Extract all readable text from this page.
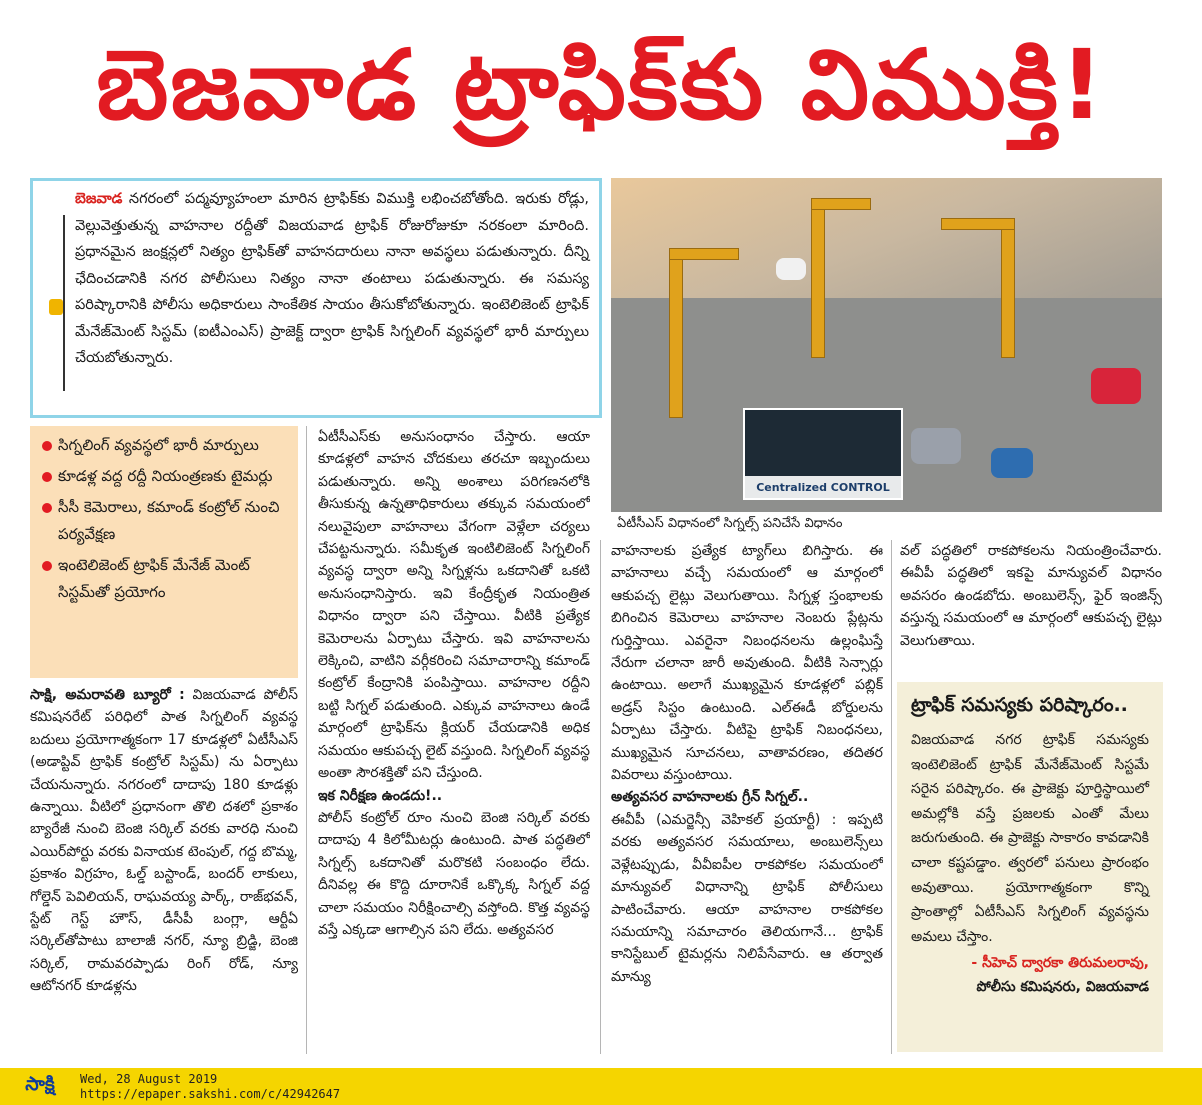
బెజవాడ ట్రాఫిక్‌కు విముక్తి!
బెజవాడ నగరంలో పద్మవ్యూహంలా మారిన ట్రాఫిక్‌కు విముక్తి లభించబోతోంది. ఇరుకు రోడ్లు, వెల్లువెత్తుతున్న వాహనాల రద్దీతో విజయవాడ ట్రాఫిక్ రోజురోజుకూ నరకంలా మారింది. ప్రధానమైన జంక్షన్లలో నిత్యం ట్రాఫిక్‌తో వాహనదారులు నానా అవస్థలు పడుతున్నారు. దీన్ని ఛేదించడానికి నగర పోలీసులు నిత్యం నానా తంటాలు పడుతున్నారు. ఈ సమస్య పరిష్కారానికి పోలీసు అధికారులు సాంకేతిక సాయం తీసుకోబోతున్నారు. ఇంటెలిజెంట్ ట్రాఫిక్ మేనేజ్‌మెంట్ సిస్టమ్ (ఐటీఎంఎస్) ప్రాజెక్ట్ ద్వారా ట్రాఫిక్ సిగ్నలింగ్ వ్యవస్థలో భారీ మార్పులు చేయబోతున్నారు.
Centralized CONTROL
ఏటీసీఎస్ విధానంలో సిగ్నల్స్ పనిచేసే విధానం
సిగ్నలింగ్ వ్యవస్థలో భారీ మార్పులు
కూడళ్ల వద్ద రద్దీ నియంత్రణకు టైమర్లు
సీసీ కెమెరాలు, కమాండ్ కంట్రోల్ నుంచి పర్యవేక్షణ
ఇంటెలిజెంట్ ట్రాఫిక్ మేనేజ్ మెంట్ సిస్టమ్‌తో ప్రయోగం

సాక్షి, అమరావతి బ్యూరో : విజయవాడ పోలీస్ కమిషనరేట్ పరిధిలో పాత సిగ్నలింగ్ వ్యవస్థ బదులు ప్రయోగాత్మకంగా 17 కూడళ్లలో ఏటీసీఎస్ (అడాప్టివ్ ట్రాఫిక్ కంట్రోల్ సిస్టమ్) ను ఏర్పాటు చేయనున్నారు. నగరంలో దాదాపు 180 కూడళ్లు ఉన్నాయి. వీటిలో ప్రధానంగా తొలి దశలో ప్రకాశం బ్యారేజీ నుంచి బెంజి సర్కిల్ వరకు వారధి నుంచి ఎయిర్‌పోర్టు వరకు వినాయక టెంపుల్, గద్ద బొమ్మ, ప్రకాశం విగ్రహం, ఓల్డ్ బస్టాండ్, బందర్ లాకులు, గోల్డెన్ పెవిలియన్, రాఘవయ్య పార్క్, రాజ్‌భవన్, స్టేట్ గెస్ట్ హౌస్, డీసీపీ బంగ్లా, ఆర్టీఏ సర్కిల్‌తోపాటు బాలాజీ నగర్, న్యూ బ్రిడ్జి, బెంజి సర్కిల్, రామవరప్పాడు రింగ్ రోడ్, న్యూ ఆటోనగర్ కూడళ్లను

ఏటీసీఎస్‌కు అనుసంధానం చేస్తారు. ఆయా కూడళ్లలో వాహన చోదకులు తరచూ ఇబ్బందులు పడుతున్నారు. అన్ని అంశాలు పరిగణనలోకి తీసుకున్న ఉన్నతాధికారులు తక్కువ సమయంలో నలువైపులా వాహనాలు వేగంగా వెళ్లేలా చర్యలు చేపట్టనున్నారు. సమీకృత ఇంటిలిజెంట్ సిగ్నలింగ్ వ్యవస్థ ద్వారా అన్ని సిగ్నళ్లను ఒకదానితో ఒకటి అనుసంధానిస్తారు. ఇవి కేంద్రీకృత నియంత్రిత విధానం ద్వారా పని చేస్తాయి. వీటికి ప్రత్యేక కెమెరాలను ఏర్పాటు చేస్తారు. ఇవి వాహనాలను లెక్కించి, వాటిని వర్గీకరించి సమాచారాన్ని కమాండ్ కంట్రోల్ కేంద్రానికి పంపిస్తాయి. వాహనాల రద్దీని బట్టి సిగ్నల్ పడుతుంది. ఎక్కువ వాహనాలు ఉండే మార్గంలో ట్రాఫిక్‌ను క్లియర్ చేయడానికి అధిక సమయం ఆకుపచ్చ లైట్ వస్తుంది. సిగ్నలింగ్ వ్యవస్థ అంతా సౌరశక్తితో పని చేస్తుంది.

ఇక నిరీక్షణ ఉండదు!..

పోలీస్ కంట్రోల్ రూం నుంచి బెంజి సర్కిల్ వరకు దాదాపు 4 కిలోమీటర్లు ఉంటుంది. పాత పద్ధతిలో సిగ్నల్స్ ఒకదానితో మరొకటి సంబంధం లేదు. దీనివల్ల ఈ కొద్ది దూరానికే ఒక్కొక్క సిగ్నల్ వద్ద చాలా సమయం నిరీక్షించాల్సి వస్తోంది. కొత్త వ్యవస్థ వస్తే ఎక్కడా ఆగాల్సిన పని లేదు. అత్యవసర

వాహనాలకు ప్రత్యేక ట్యాగ్‌లు బిగిస్తారు. ఈ వాహనాలు వచ్చే సమయంలో ఆ మార్గంలో ఆకుపచ్చ లైట్లు వెలుగుతాయి. సిగ్నళ్ల స్తంభాలకు బిగించిన కెమెరాలు వాహనాల నెంబరు ప్లేట్లను గుర్తిస్తాయి. ఎవరైనా నిబంధనలను ఉల్లంఘిస్తే నేరుగా చలానా జారీ అవుతుంది. వీటికి సెన్సార్లు ఉంటాయి. అలాగే ముఖ్యమైన కూడళ్లలో పబ్లిక్ అడ్రస్ సిస్టం ఉంటుంది. ఎల్‌ఈడీ బోర్డులను ఏర్పాటు చేస్తారు. వీటిపై ట్రాఫిక్ నిబంధనలు, ముఖ్యమైన సూచనలు, వాతావరణం, తదితర వివరాలు వస్తుంటాయి.

అత్యవసర వాహనాలకు గ్రీన్ సిగ్నల్..

ఈవీపీ (ఎమర్జెన్సీ వెహికల్ ప్రయార్టీ) : ఇప్పటి వరకు అత్యవసర సమయాలు, అంబులెన్స్‌లు వెళ్లేటప్పుడు, వీవీఐపీల రాకపోకల సమయంలో మాన్యువల్ విధానాన్ని ట్రాఫిక్ పోలీసులు పాటించేవారు. ఆయా వాహనాల రాకపోకల సమయాన్ని సమాచారం తెలియగానే... ట్రాఫిక్ కానిస్టేబుల్ టైమర్లను నిలిపేసేవారు. ఆ తర్వాత మాన్యు

వల్ పద్ధతిలో రాకపోకలను నియంత్రించేవారు. ఈవీపీ పద్ధతిలో ఇకపై మాన్యువల్ విధానం అవసరం ఉండబోదు. అంబులెన్స్, ఫైర్ ఇంజిన్స్ వస్తున్న సమయంలో ఆ మార్గంలో ఆకుపచ్చ లైట్లు వెలుగుతాయి.

ట్రాఫిక్ సమస్యకు పరిష్కారం..
విజయవాడ నగర ట్రాఫిక్ సమస్యకు ఇంటెలిజెంట్ ట్రాఫిక్ మేనేజ్‌మెంట్ సిస్టమే సరైన పరిష్కారం. ఈ ప్రాజెక్టు పూర్తిస్థాయిలో అమల్లోకి వస్తే ప్రజలకు ఎంతో మేలు జరుగుతుంది. ఈ ప్రాజెక్టు సాకారం కావడానికి చాలా కష్టపడ్డాం. త్వరలో పనులు ప్రారంభం అవుతాయి. ప్రయోగాత్మకంగా కొన్ని ప్రాంతాల్లో ఏటీసీఎస్ సిగ్నలింగ్ వ్యవస్థను అమలు చేస్తాం.
- సీహెచ్ ద్వారకా తిరుమలరావు,
పోలీసు కమిషనరు, విజయవాడ
సాక్షి	Wed, 28 August 2019
https://epaper.sakshi.com/c/42942647
